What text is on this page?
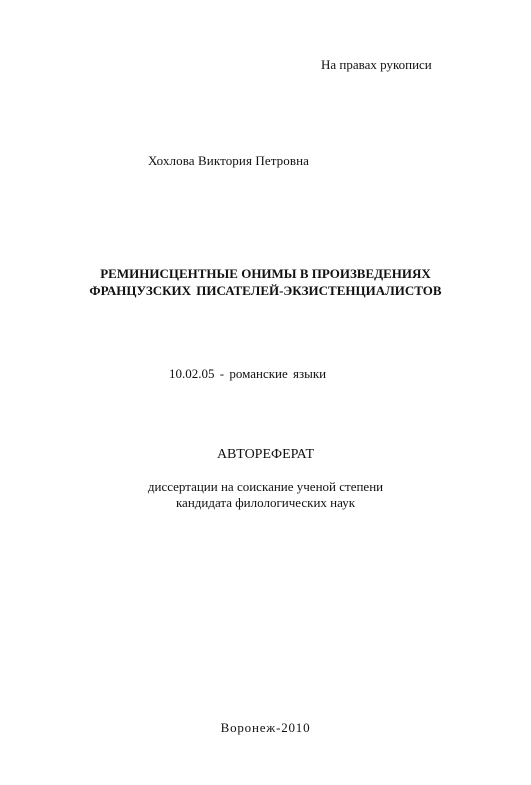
На правах рукописи
Хохлова Виктория Петровна
РЕМИНИСЦЕНТНЫЕ ОНИМЫ В ПРОИЗВЕДЕНИЯХ
ФРАНЦУЗСКИХ ПИСАТЕЛЕЙ-ЭКЗИСТЕНЦИАЛИСТОВ
10.02.05 - романские языки
АВТОРЕФЕРАТ
диссертации на соискание ученой степени
кандидата филологических наук
Воронеж-2010
